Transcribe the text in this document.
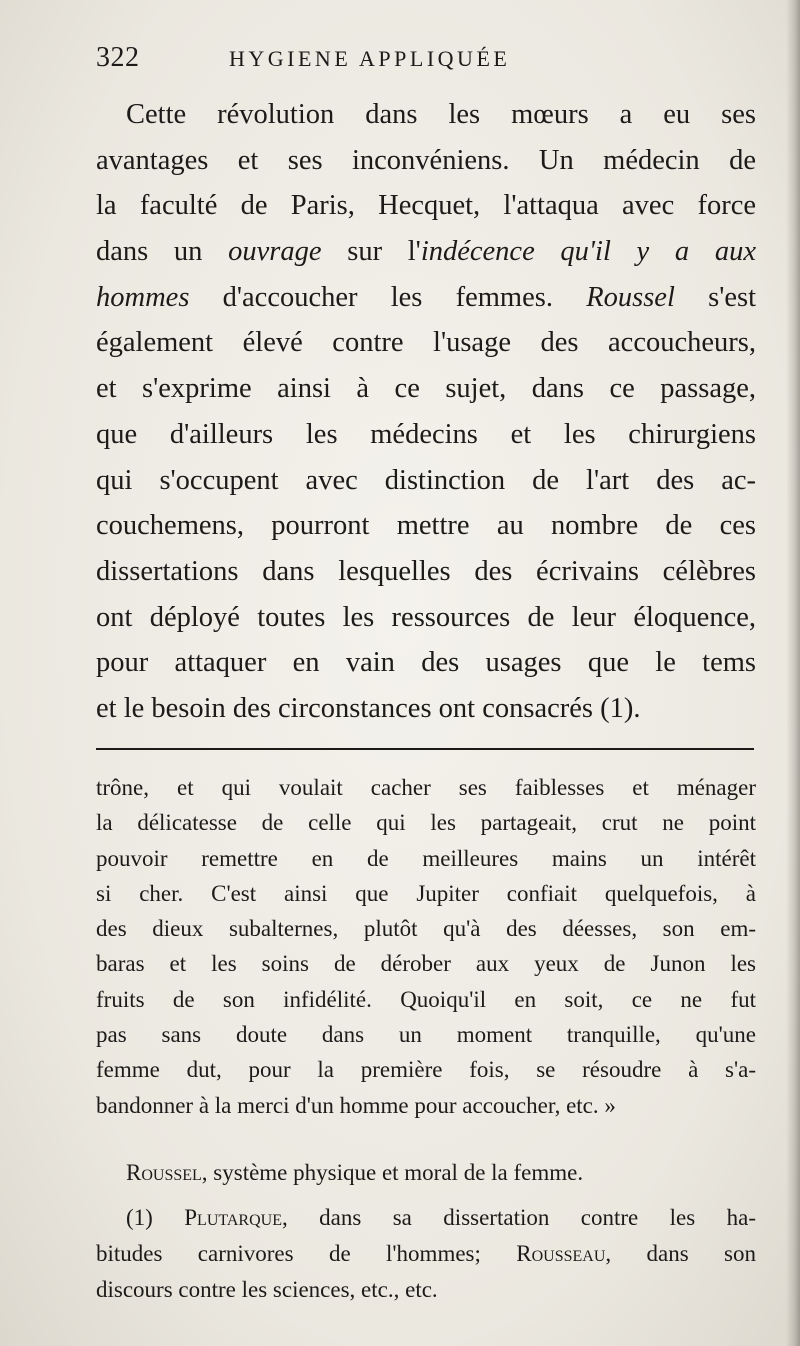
322	HYGIENE APPLIQUÉE
Cette révolution dans les mœurs a eu ses
avantages et ses inconvéniens. Un médecin de
la faculté de Paris, Hecquet, l'attaqua avec force
dans un ouvrage sur l'indécence qu'il y a aux
hommes d'accoucher les femmes. Roussel s'est
également élevé contre l'usage des accoucheurs,
et s'exprime ainsi à ce sujet, dans ce passage,
que d'ailleurs les médecins et les chirurgiens
qui s'occupent avec distinction de l'art des ac-
couchemens, pourront mettre au nombre de ces
dissertations dans lesquelles des écrivains célèbres
ont déployé toutes les ressources de leur éloquence,
pour attaquer en vain des usages que le tems
et le besoin des circonstances ont consacrés (1).
trône, et qui voulait cacher ses faiblesses et ménager
la délicatesse de celle qui les partageait, crut ne point
pouvoir remettre en de meilleures mains un intérêt
si cher. C'est ainsi que Jupiter confiait quelquefois, à
des dieux subalternes, plutôt qu'à des déesses, son em-
baras et les soins de dérober aux yeux de Junon les
fruits de son infidélité. Quoiqu'il en soit, ce ne fut
pas sans doute dans un moment tranquille, qu'une
femme dut, pour la première fois, se résoudre à s'a-
bandonner à la merci d'un homme pour accoucher, etc. »
Roussel, système physique et moral de la femme.
(1) Plutarque, dans sa dissertation contre les ha-
bitudes carnivores de l'hommes; Rousseau, dans son
discours contre les sciences, etc., etc.
